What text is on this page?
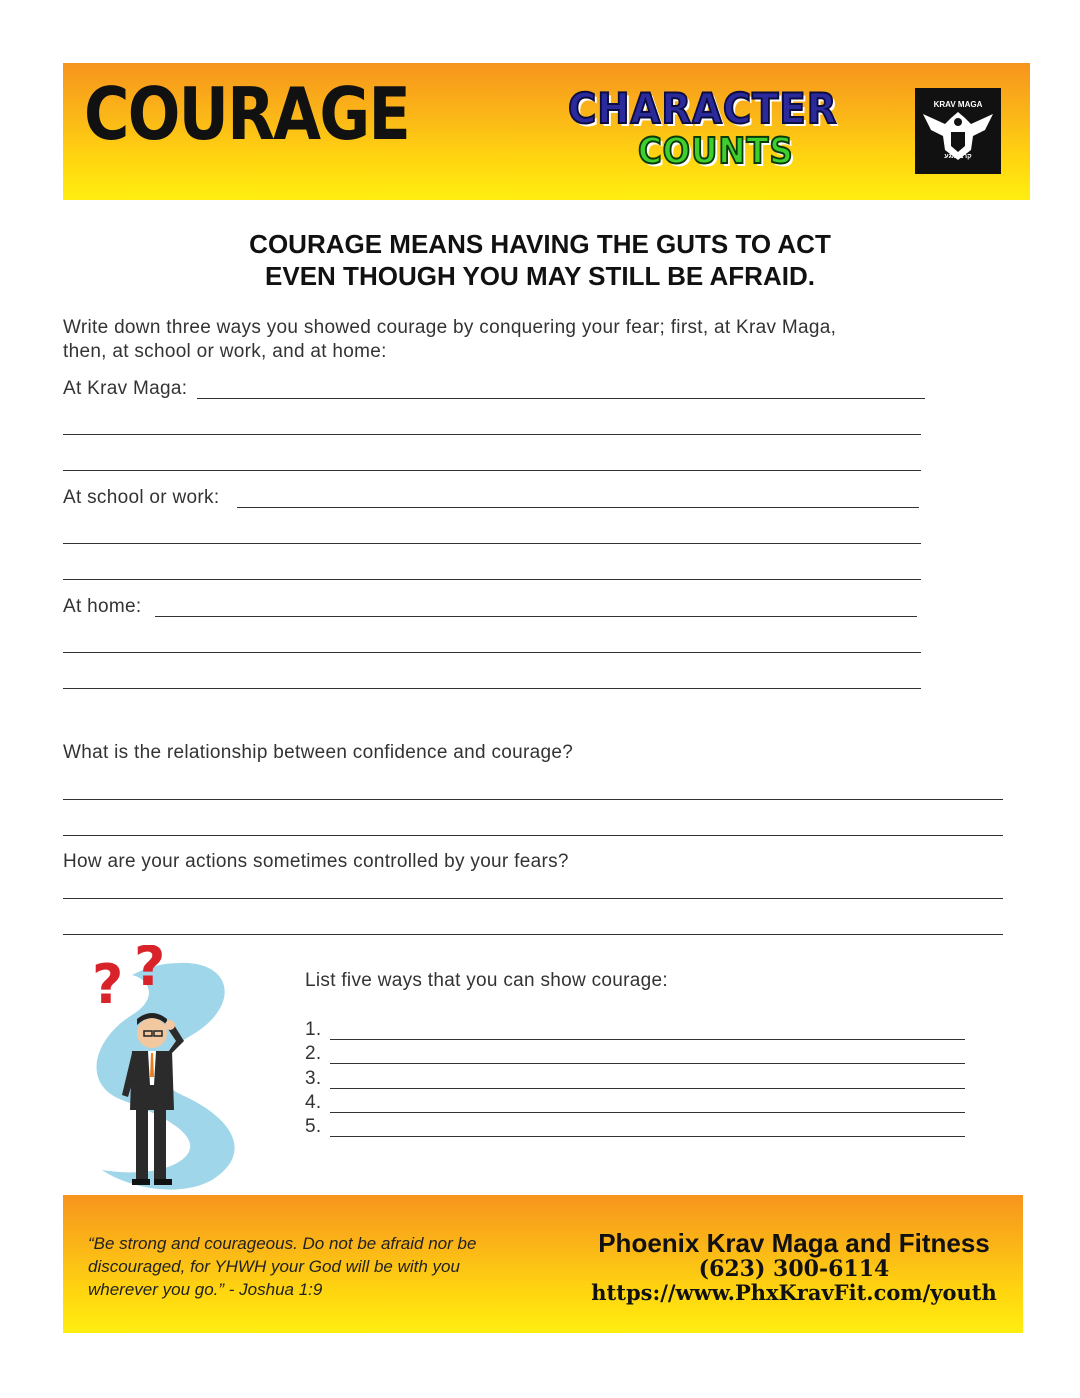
COURAGE	CHARACTER
COUNTS
KRAV MAGA
קרב מגע
COURAGE MEANS HAVING THE GUTS TO ACT
EVEN THOUGH YOU MAY STILL BE AFRAID.
Write down three ways you showed courage by conquering your fear; first, at Krav Maga,
then, at school or work, and at home:
At Krav Maga:
At school or work:
At home:
What is the relationship between confidence and courage?
How are your actions sometimes controlled by your fears?
? ?	List five ways that you can show courage:
1.
2.
3.
4.
5.
“Be strong and courageous. Do not be afraid nor be discouraged, for YHWH your God will be with you wherever you go.” - Joshua 1:9
Phoenix Krav Maga and Fitness
(623) 300-6114
https://www.PhxKravFit.com/youth
